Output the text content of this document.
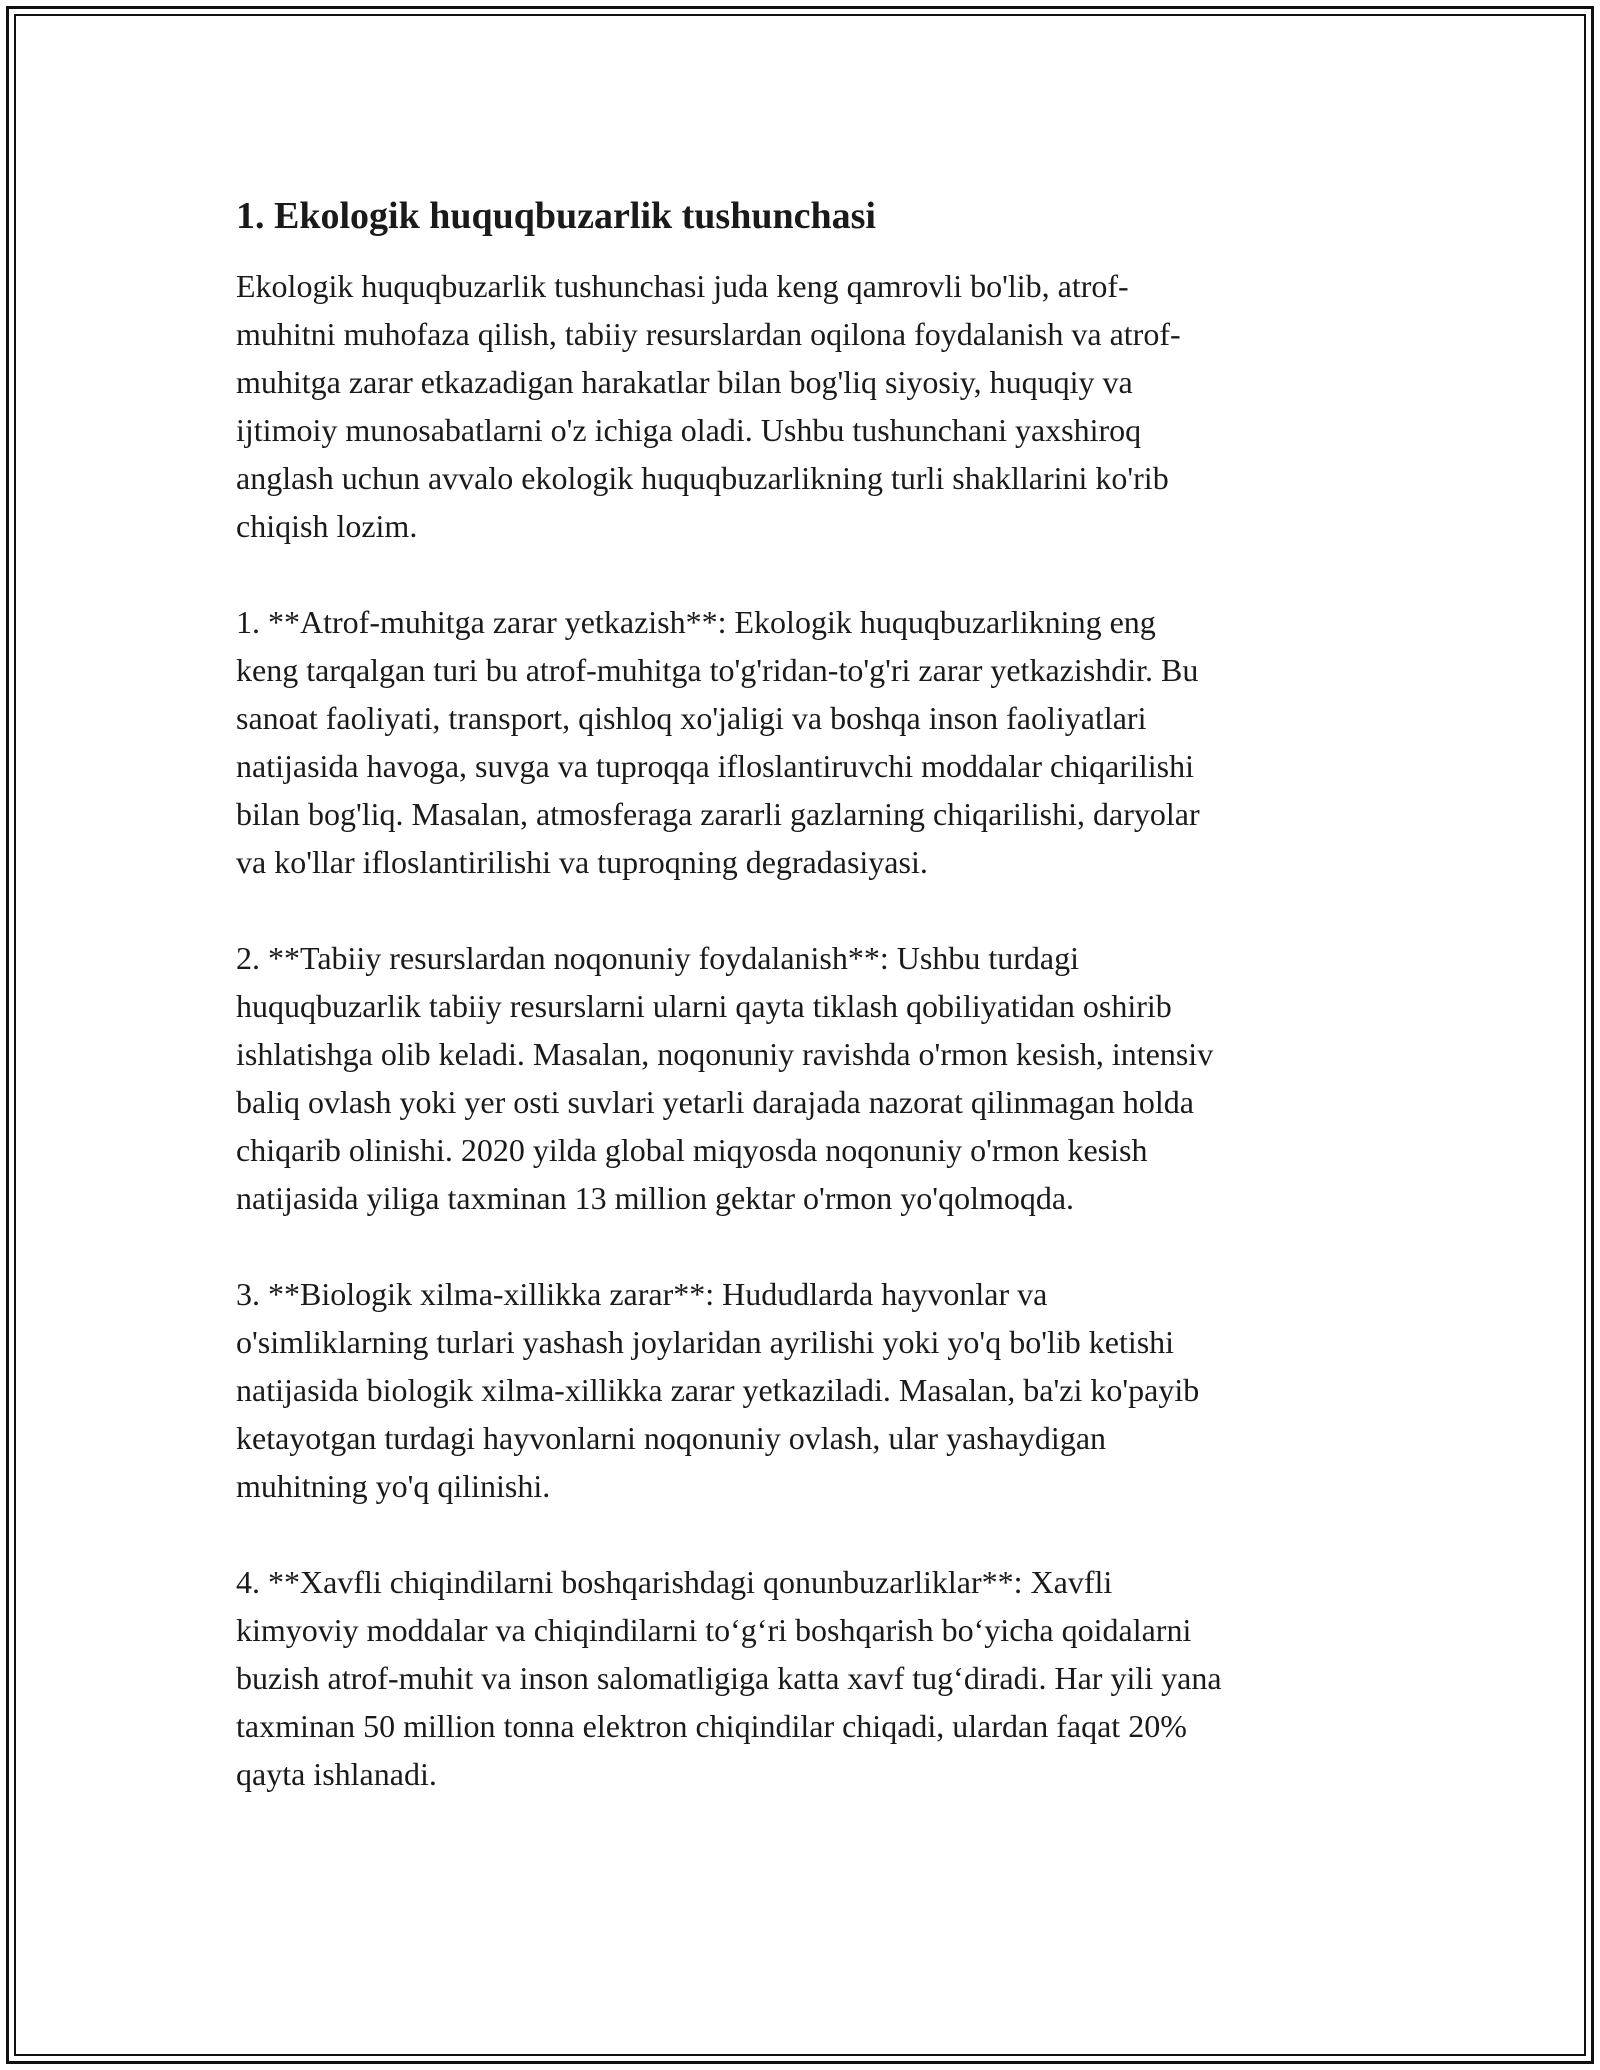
1. Ekologik huquqbuzarlik tushunchasi

Ekologik huquqbuzarlik tushunchasi juda keng qamrovli bo'lib, atrof-
muhitni muhofaza qilish, tabiiy resurslardan oqilona foydalanish va atrof-
muhitga zarar etkazadigan harakatlar bilan bog'liq siyosiy, huquqiy va
ijtimoiy munosabatlarni o'z ichiga oladi. Ushbu tushunchani yaxshiroq
anglash uchun avvalo ekologik huquqbuzarlikning turli shakllarini ko'rib
chiqish lozim.

1. **Atrof-muhitga zarar yetkazish**: Ekologik huquqbuzarlikning eng
keng tarqalgan turi bu atrof-muhitga to'g'ridan-to'g'ri zarar yetkazishdir. Bu
sanoat faoliyati, transport, qishloq xo'jaligi va boshqa inson faoliyatlari
natijasida havoga, suvga va tuproqqa ifloslantiruvchi moddalar chiqarilishi
bilan bog'liq. Masalan, atmosferaga zararli gazlarning chiqarilishi, daryolar
va ko'llar ifloslantirilishi va tuproqning degradasiyasi.

2. **Tabiiy resurslardan noqonuniy foydalanish**: Ushbu turdagi
huquqbuzarlik tabiiy resurslarni ularni qayta tiklash qobiliyatidan oshirib
ishlatishga olib keladi. Masalan, noqonuniy ravishda o'rmon kesish, intensiv
baliq ovlash yoki yer osti suvlari yetarli darajada nazorat qilinmagan holda
chiqarib olinishi. 2020 yilda global miqyosda noqonuniy o'rmon kesish
natijasida yiliga taxminan 13 million gektar o'rmon yo'qolmoqda.

3. **Biologik xilma-xillikka zarar**: Hududlarda hayvonlar va
o'simliklarning turlari yashash joylaridan ayrilishi yoki yo'q bo'lib ketishi
natijasida biologik xilma-xillikka zarar yetkaziladi. Masalan, ba'zi ko'payib
ketayotgan turdagi hayvonlarni noqonuniy ovlash, ular yashaydigan
muhitning yo'q qilinishi.

4. **Xavfli chiqindilarni boshqarishdagi qonunbuzarliklar**: Xavfli
kimyoviy moddalar va chiqindilarni to‘g‘ri boshqarish bo‘yicha qoidalarni
buzish atrof-muhit va inson salomatligiga katta xavf tug‘diradi. Har yili yana
taxminan 50 million tonna elektron chiqindilar chiqadi, ulardan faqat 20%
qayta ishlanadi.
